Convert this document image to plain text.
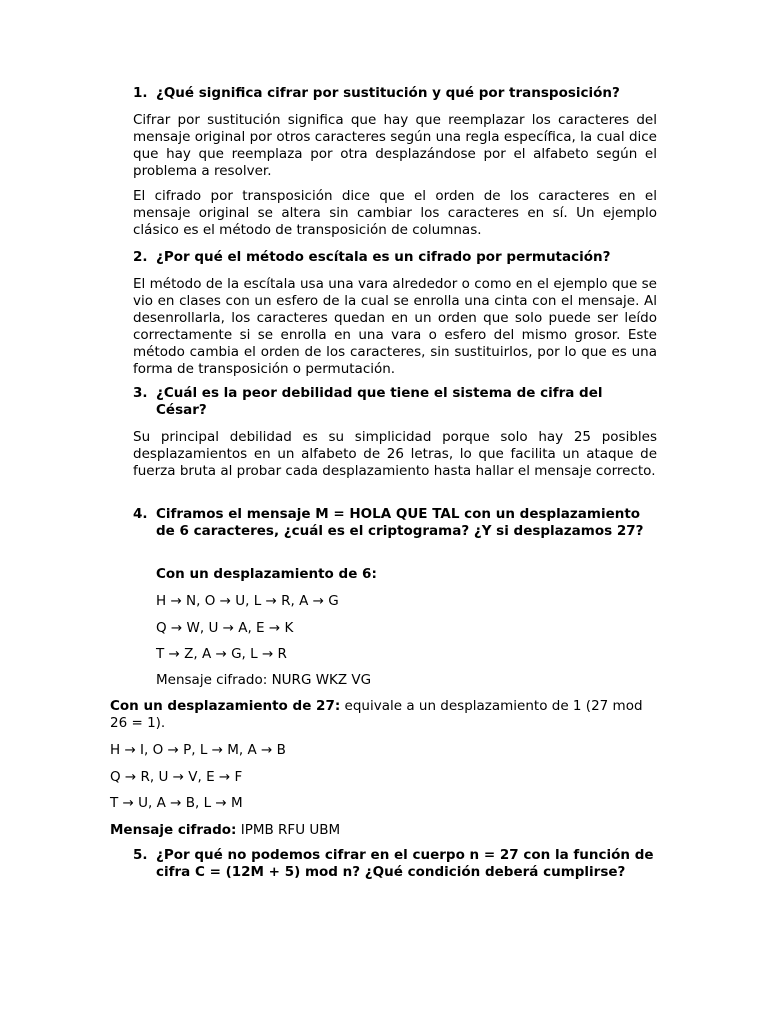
1. ¿Qué significa cifrar por sustitución y qué por transposición?
Cifrar por sustitución significa que hay que reemplazar los caracteres del mensaje original por otros caracteres según una regla específica, la cual dice que hay que reemplaza por otra desplazándose por el alfabeto según el problema a resolver.
El cifrado por transposición dice que el orden de los caracteres en el mensaje original se altera sin cambiar los caracteres en sí. Un ejemplo clásico es el método de transposición de columnas.
2. ¿Por qué el método escítala es un cifrado por permutación?
El método de la escítala usa una vara alrededor o como en el ejemplo que se vio en clases con un esfero de la cual se enrolla una cinta con el mensaje. Al desenrollarla, los caracteres quedan en un orden que solo puede ser leído correctamente si se enrolla en una vara o esfero del mismo grosor. Este método cambia el orden de los caracteres, sin sustituirlos, por lo que es una forma de transposición o permutación.
3. ¿Cuál es la peor debilidad que tiene el sistema de cifra del César?
Su principal debilidad es su simplicidad porque solo hay 25 posibles desplazamientos en un alfabeto de 26 letras, lo que facilita un ataque de fuerza bruta al probar cada desplazamiento hasta hallar el mensaje correcto.
4. Ciframos el mensaje M = HOLA QUE TAL con un desplazamiento de 6 caracteres, ¿cuál es el criptograma? ¿Y si desplazamos 27?
Con un desplazamiento de 6:
H → N, O → U, L → R, A → G
Q → W, U → A, E → K
T → Z, A → G, L → R
Mensaje cifrado: NURG WKZ VG
Con un desplazamiento de 27: equivale a un desplazamiento de 1 (27 mod 26 = 1).
H → I, O → P, L → M, A → B
Q → R, U → V, E → F
T → U, A → B, L → M
Mensaje cifrado: IPMB RFU UBM
5. ¿Por qué no podemos cifrar en el cuerpo n = 27 con la función de cifra C = (12M + 5) mod n? ¿Qué condición deberá cumplirse?
